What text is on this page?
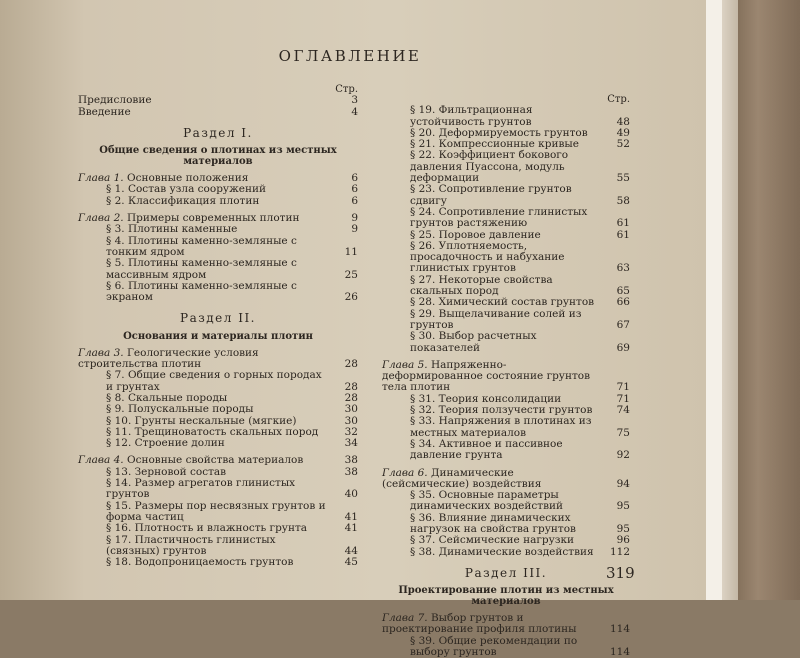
ОГЛАВЛЕНИЕ
Стр.
Предисловие	3
Введение	4
Раздел I.
Общие сведения о плотинах из местных материалов
Глава 1. Основные положения	6
§ 1. Состав узла сооружений	6
§ 2. Классификация плотин	6
Глава 2. Примеры современных плотин	9
§ 3. Плотины каменные	9
§ 4. Плотины каменно-земляные с тонким ядром	11
§ 5. Плотины каменно-земляные с массивным ядром	25
§ 6. Плотины каменно-земляные с экраном	26
Раздел II.
Основания и материалы плотин
Глава 3. Геологические условия строительства плотин	28
§ 7. Общие сведения о горных породах и грунтах	28
§ 8. Скальные породы	28
§ 9. Полускальные породы	30
§ 10. Грунты нескальные (мягкие)	30
§ 11. Трещиноватость скальных пород	32
§ 12. Строение долин	34
Глава 4. Основные свойства материалов	38
§ 13. Зерновой состав	38
§ 14. Размер агрегатов глинистых грунтов	40
§ 15. Размеры пор несвязных грунтов и форма частиц	41
§ 16. Плотность и влажность грунта	41
§ 17. Пластичность глинистых (связных) грунтов	44
§ 18. Водопроницаемость грунтов	45
Стр.
§ 19. Фильтрационная устойчивость грунтов	48
§ 20. Деформируемость грунтов	49
§ 21. Компрессионные кривые	52
§ 22. Коэффициент бокового давления Пуассона, модуль деформации	55
§ 23. Сопротивление грунтов сдвигу	58
§ 24. Сопротивление глинистых грунтов растяжению	61
§ 25. Поровое давление	61
§ 26. Уплотняемость, просадочность и набухание глинистых грунтов	63
§ 27. Некоторые свойства скальных пород	65
§ 28. Химический состав грунтов	66
§ 29. Выщелачивание солей из грунтов	67
§ 30. Выбор расчетных показателей	69
Глава 5. Напряженно-деформированное состояние грунтов тела плотин	71
§ 31. Теория консолидации	71
§ 32. Теория ползучести грунтов	74
§ 33. Напряжения в плотинах из местных материалов	75
§ 34. Активное и пассивное давление грунта	92
Глава 6. Динамические (сейсмические) воздействия	94
§ 35. Основные параметры динамических воздействий	95
§ 36. Влияние динамических нагрузок на свойства грунтов	95
§ 37. Сейсмические нагрузки	96
§ 38. Динамические воздействия	112
Раздел III.
Проектирование плотин из местных материалов
Глава 7. Выбор грунтов и проектирование профиля плотины	114
§ 39. Общие рекомендации по выбору грунтов	114
319
